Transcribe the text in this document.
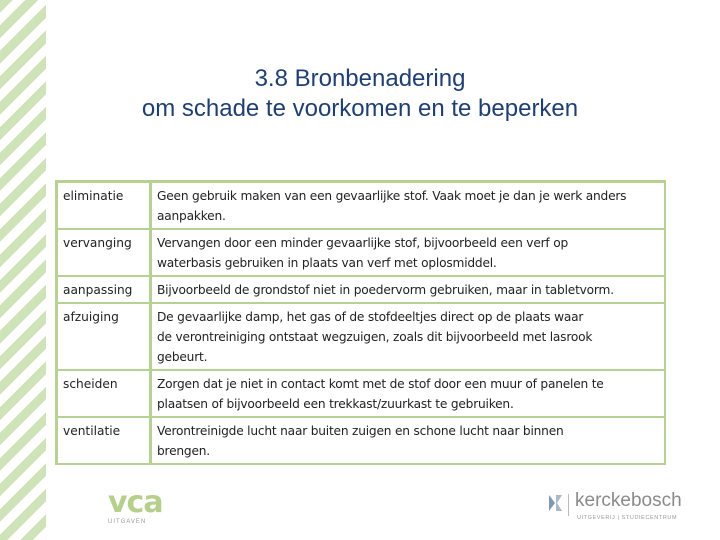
3.8 Bronbenadering
om schade te voorkomen en te beperken
eliminatie	Geen gebruik maken van een gevaarlijke stof. Vaak moet je dan je werk anders
aanpakken.

vervanging	Vervangen door een minder gevaarlijke stof, bijvoorbeeld een verf op
waterbasis gebruiken in plaats van verf met oplosmiddel.

aanpassing	Bijvoorbeeld de grondstof niet in poedervorm gebruiken, maar in tabletvorm.

afzuiging	De gevaarlijke damp, het gas of de stofdeeltjes direct op de plaats waar
de verontreiniging ontstaat wegzuigen, zoals dit bijvoorbeeld met lasrook
gebeurt.

scheiden	Zorgen dat je niet in contact komt met de stof door een muur of panelen te
plaatsen of bijvoorbeeld een trekkast/zuurkast te gebruiken.

ventilatie	Verontreinigde lucht naar buiten zuigen en schone lucht naar binnen
brengen.
vca
UITGAVEN
kerckebosch
UITGEVERIJ | STUDIECENTRUM
